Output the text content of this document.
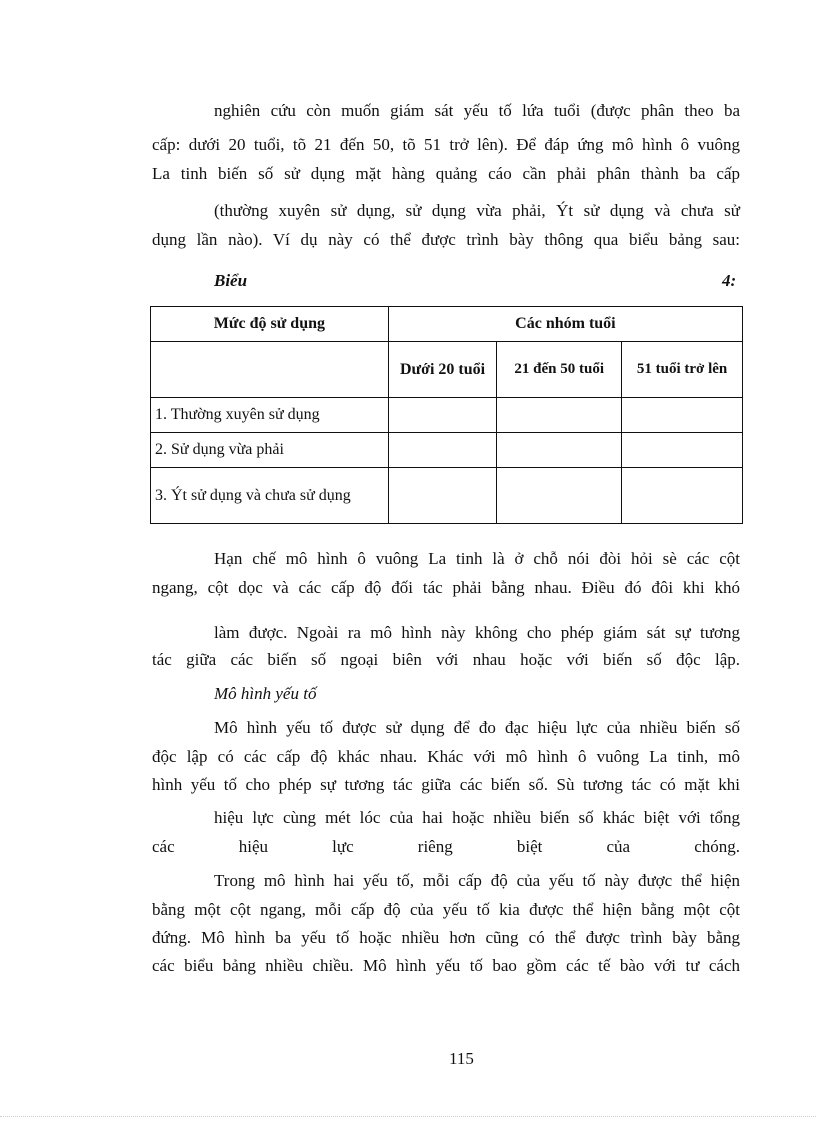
nghiên cứu còn muốn giám sát yếu tố lứa tuổi (được phân theo ba
cấp: dưới 20 tuổi, tõ 21 đến 50, tõ 51 trở lên). Để đáp ứng mô hình ô vuông
La tinh biến số sử dụng mặt hàng quảng cáo cần phải phân thành ba cấp
(thường xuyên sử dụng, sử dụng vừa phải, Ýt sử dụng và chưa sử
dụng lần nào). Ví dụ này có thể được trình bày thông qua biểu bảng sau:
Biểu	4:
Mức độ sử dụng	Các nhóm tuổi		
	Dưới 20 tuổi	21 đến 50 tuổi	51 tuổi trở lên
1. Thường xuyên sử dụng			
2. Sử dụng vừa phải			
3. Ýt sử dụng và chưa sử dụng			
Hạn chế mô hình ô vuông La tinh là ở chỗ nói đòi hỏi sè các cột
ngang, cột dọc và các cấp độ đối tác phải bằng nhau. Điều đó đôi khi khó
làm được. Ngoài ra mô hình này không cho phép giám sát sự tương
tác giữa các biến số ngoại biên với nhau hoặc với biến số độc lập.
Mô hình yếu tố
Mô hình yếu tố được sử dụng để đo đạc hiệu lực của nhiều biến số
độc lập có các cấp độ khác nhau. Khác với mô hình ô vuông La tinh, mô
hình yếu tố cho phép sự tương tác giữa các biến số. Sù tương tác có mặt khi
hiệu lực cùng mét lóc của hai hoặc nhiều biến số khác biệt với tổng
các hiệu lực riêng biệt của chóng.
Trong mô hình hai yếu tố, mỗi cấp độ của yếu tố này được thể hiện
bằng một cột ngang, mỗi cấp độ của yếu tố kia được thể hiện bằng một cột
đứng. Mô hình ba yếu tố hoặc nhiều hơn cũng có thể được trình bày bằng
các biểu bảng nhiều chiều. Mô hình yếu tố bao gồm các tế bào với tư cách
115
